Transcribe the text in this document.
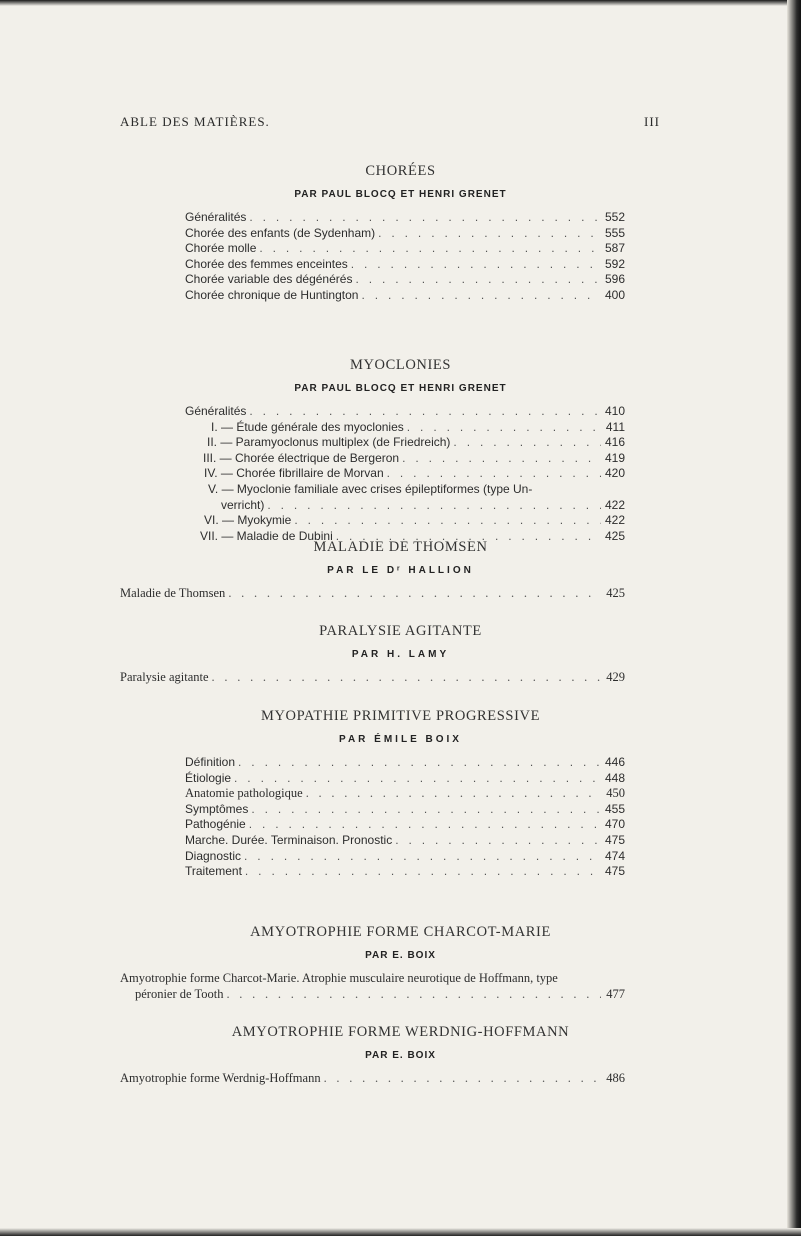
ABLE DES MATIÈRES.	III
CHORÉES
PAR PAUL BLOCQ ET HENRI GRENET
Généralités . . .	552
Chorée des enfants (de Sydenham) . . .	555
Chorée molle . . .	587
Chorée des femmes enceintes . . .	592
Chorée variable des dégénérés . . .	596
Chorée chronique de Huntington . . .	400
MYOCLONIES
PAR PAUL BLOCQ ET HENRI GRENET
Généralités . . .	410
I. — Étude générale des myoclonies . . .	411
II. — Paramyoclonus multiplex (de Friedreich) . . .	416
III. — Chorée électrique de Bergeron . . .	419
IV. — Chorée fibrillaire de Morvan . . .	420
V. — Myoclonie familiale avec crises épileptiformes (type Un-
verricht) . . .	422
VI. — Myokymie . . .	422
VII. — Maladie de Dubini . . .	425
MALADIE DE THOMSEN
PAR LE Dʳ HALLION
Maladie de Thomsen . . .	425
PARALYSIE AGITANTE
PAR H. LAMY
Paralysie agitante . . .	429
MYOPATHIE PRIMITIVE PROGRESSIVE
PAR ÉMILE BOIX
Définition . . .	446
Étiologie . . .	448
Anatomie pathologique . . .	450
Symptômes . . .	455
Pathogénie . . .	470
Marche. Durée. Terminaison. Pronostic . . .	475
Diagnostic . . .	474
Traitement . . .	475
AMYOTROPHIE FORME CHARCOT-MARIE
PAR E. BOIX
Amyotrophie forme Charcot-Marie. Atrophie musculaire neurotique de Hoffmann, type
péronier de Tooth . . .	477
AMYOTROPHIE FORME WERDNIG-HOFFMANN
PAR E. BOIX
Amyotrophie forme Werdnig-Hoffmann . . .	486
